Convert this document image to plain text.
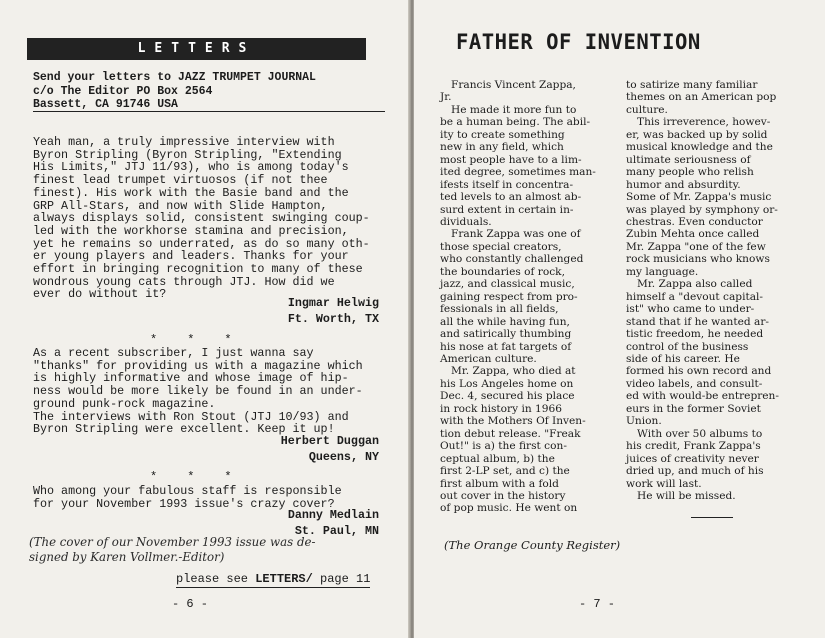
LETTERS
Send your letters to JAZZ TRUMPET JOURNAL
c/o The Editor PO Box 2564
Bassett, CA 91746 USA
Yeah man, a truly impressive interview with
Byron Stripling (Byron Stripling, "Extending
His Limits," JTJ 11/93), who is among today's
finest lead trumpet virtuosos (if not thee
finest). His work with the Basie band and the
GRP All-Stars, and now with Slide Hampton,
always displays solid, consistent swinging coup-
led with the workhorse stamina and precision,
yet he remains so underrated, as do so many oth-
er young players and leaders. Thanks for your
effort in bringing recognition to many of these
wondrous young cats through JTJ. How did we
ever do without it?
Ingmar Helwig
Ft. Worth, TX
***
As a recent subscriber, I just wanna say
"thanks" for providing us with a magazine which
is highly informative and whose image of hip-
ness would be more likely be found in an under-
ground punk-rock magazine.
The interviews with Ron Stout (JTJ 10/93) and
Byron Stripling were excellent. Keep it up!
Herbert Duggan
Queens, NY
***
Who among your fabulous staff is responsible
for your November 1993 issue's crazy cover?
Danny Medlain
St. Paul, MN
(The cover of our November 1993 issue was de-
signed by Karen Vollmer.-Editor)
please see LETTERS/ page 11
- 6 -
FATHER OF INVENTION
Francis Vincent Zappa,
Jr.
He made it more fun to
be a human being. The abil-
ity to create something
new in any field, which
most people have to a lim-
ited degree, sometimes man-
ifests itself in concentra-
ted levels to an almost ab-
surd extent in certain in-
dividuals.
Frank Zappa was one of
those special creators,
who constantly challenged
the boundaries of rock,
jazz, and classical music,
gaining respect from pro-
fessionals in all fields,
all the while having fun,
and satirically thumbing
his nose at fat targets of
American culture.
Mr. Zappa, who died at
his Los Angeles home on
Dec. 4, secured his place
in rock history in 1966
with the Mothers Of Inven-
tion debut release. "Freak
Out!" is a) the first con-
ceptual album, b) the
first 2-LP set, and c) the
first album with a fold
out cover in the history
of pop music. He went on
to satirize many familiar
themes on an American pop
culture.
This irreverence, howev-
er, was backed up by solid
musical knowledge and the
ultimate seriousness of
many people who relish
humor and absurdity.
Some of Mr. Zappa's music
was played by symphony or-
chestras. Even conductor
Zubin Mehta once called
Mr. Zappa "one of the few
rock musicians who knows
my language.
Mr. Zappa also called
himself a "devout capital-
ist" who came to under-
stand that if he wanted ar-
tistic freedom, he needed
control of the business
side of his career. He
formed his own record and
video labels, and consult-
ed with would-be entrepren-
eurs in the former Soviet
Union.
With over 50 albums to
his credit, Frank Zappa's
juices of creativity never
dried up, and much of his
work will last.
He will be missed.
(The Orange County Register)
- 7 -
